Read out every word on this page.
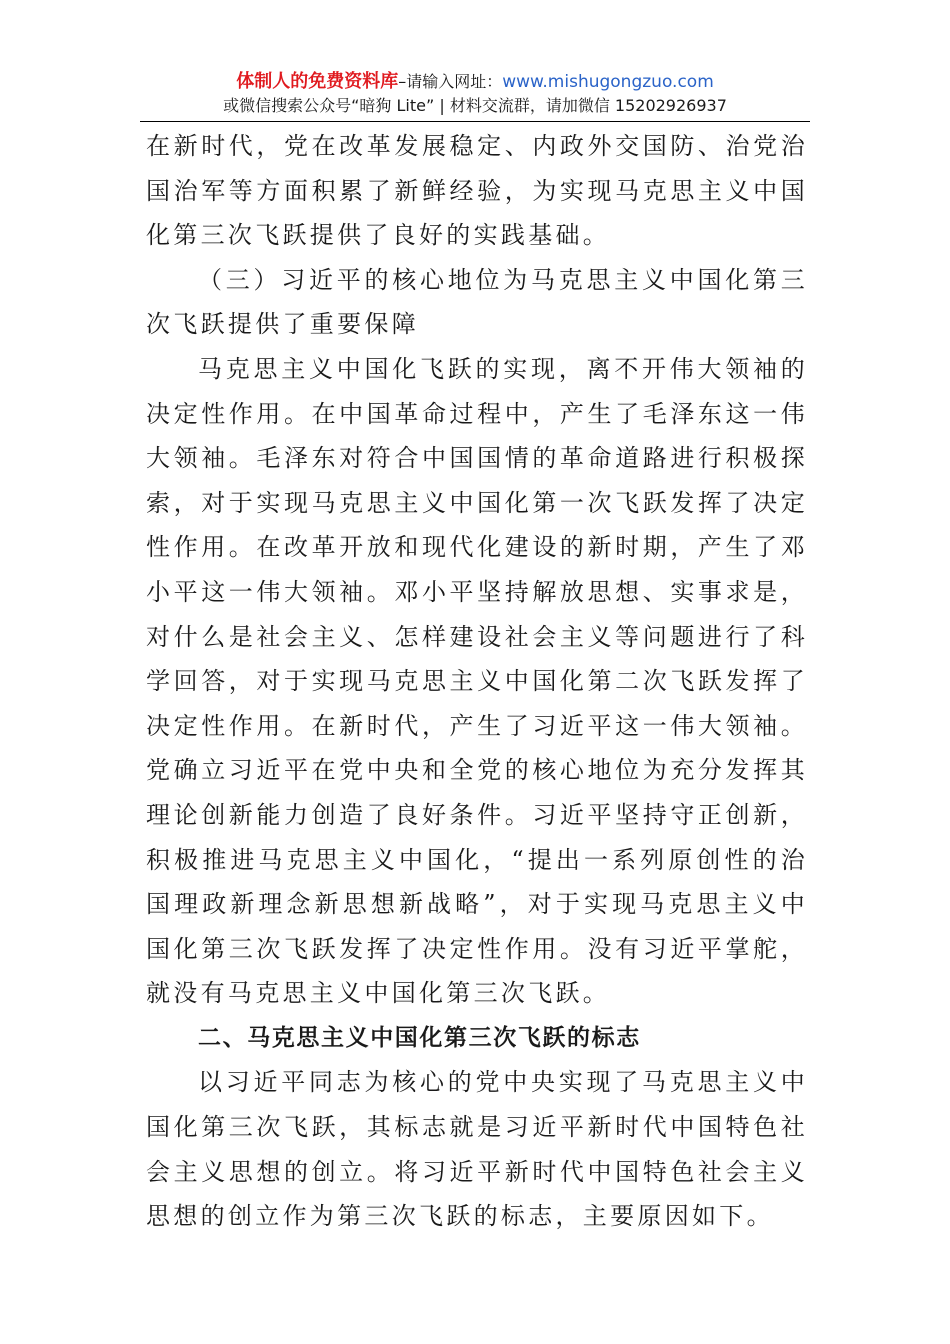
体制人的免费资料库–请输入网址：www.mishugongzuo.com
或微信搜索公众号“暗狗 Lite” | 材料交流群，请加微信 15202926937

在新时代，党在改革发展稳定、内政外交国防、治党治国治军等方面积累了新鲜经验，为实现马克思主义中国化第三次飞跃提供了良好的实践基础。

（三）习近平的核心地位为马克思主义中国化第三次飞跃提供了重要保障

马克思主义中国化飞跃的实现，离不开伟大领袖的决定性作用。在中国革命过程中，产生了毛泽东这一伟大领袖。毛泽东对符合中国国情的革命道路进行积极探索，对于实现马克思主义中国化第一次飞跃发挥了决定性作用。在改革开放和现代化建设的新时期，产生了邓小平这一伟大领袖。邓小平坚持解放思想、实事求是，对什么是社会主义、怎样建设社会主义等问题进行了科学回答，对于实现马克思主义中国化第二次飞跃发挥了决定性作用。在新时代，产生了习近平这一伟大领袖。党确立习近平在党中央和全党的核心地位为充分发挥其理论创新能力创造了良好条件。习近平坚持守正创新，积极推进马克思主义中国化，“提出一系列原创性的治国理政新理念新思想新战略”，对于实现马克思主义中国化第三次飞跃发挥了决定性作用。没有习近平掌舵，就没有马克思主义中国化第三次飞跃。

二、马克思主义中国化第三次飞跃的标志

以习近平同志为核心的党中央实现了马克思主义中国化第三次飞跃，其标志就是习近平新时代中国特色社会主义思想的创立。将习近平新时代中国特色社会主义思想的创立作为第三次飞跃的标志，主要原因如下。
